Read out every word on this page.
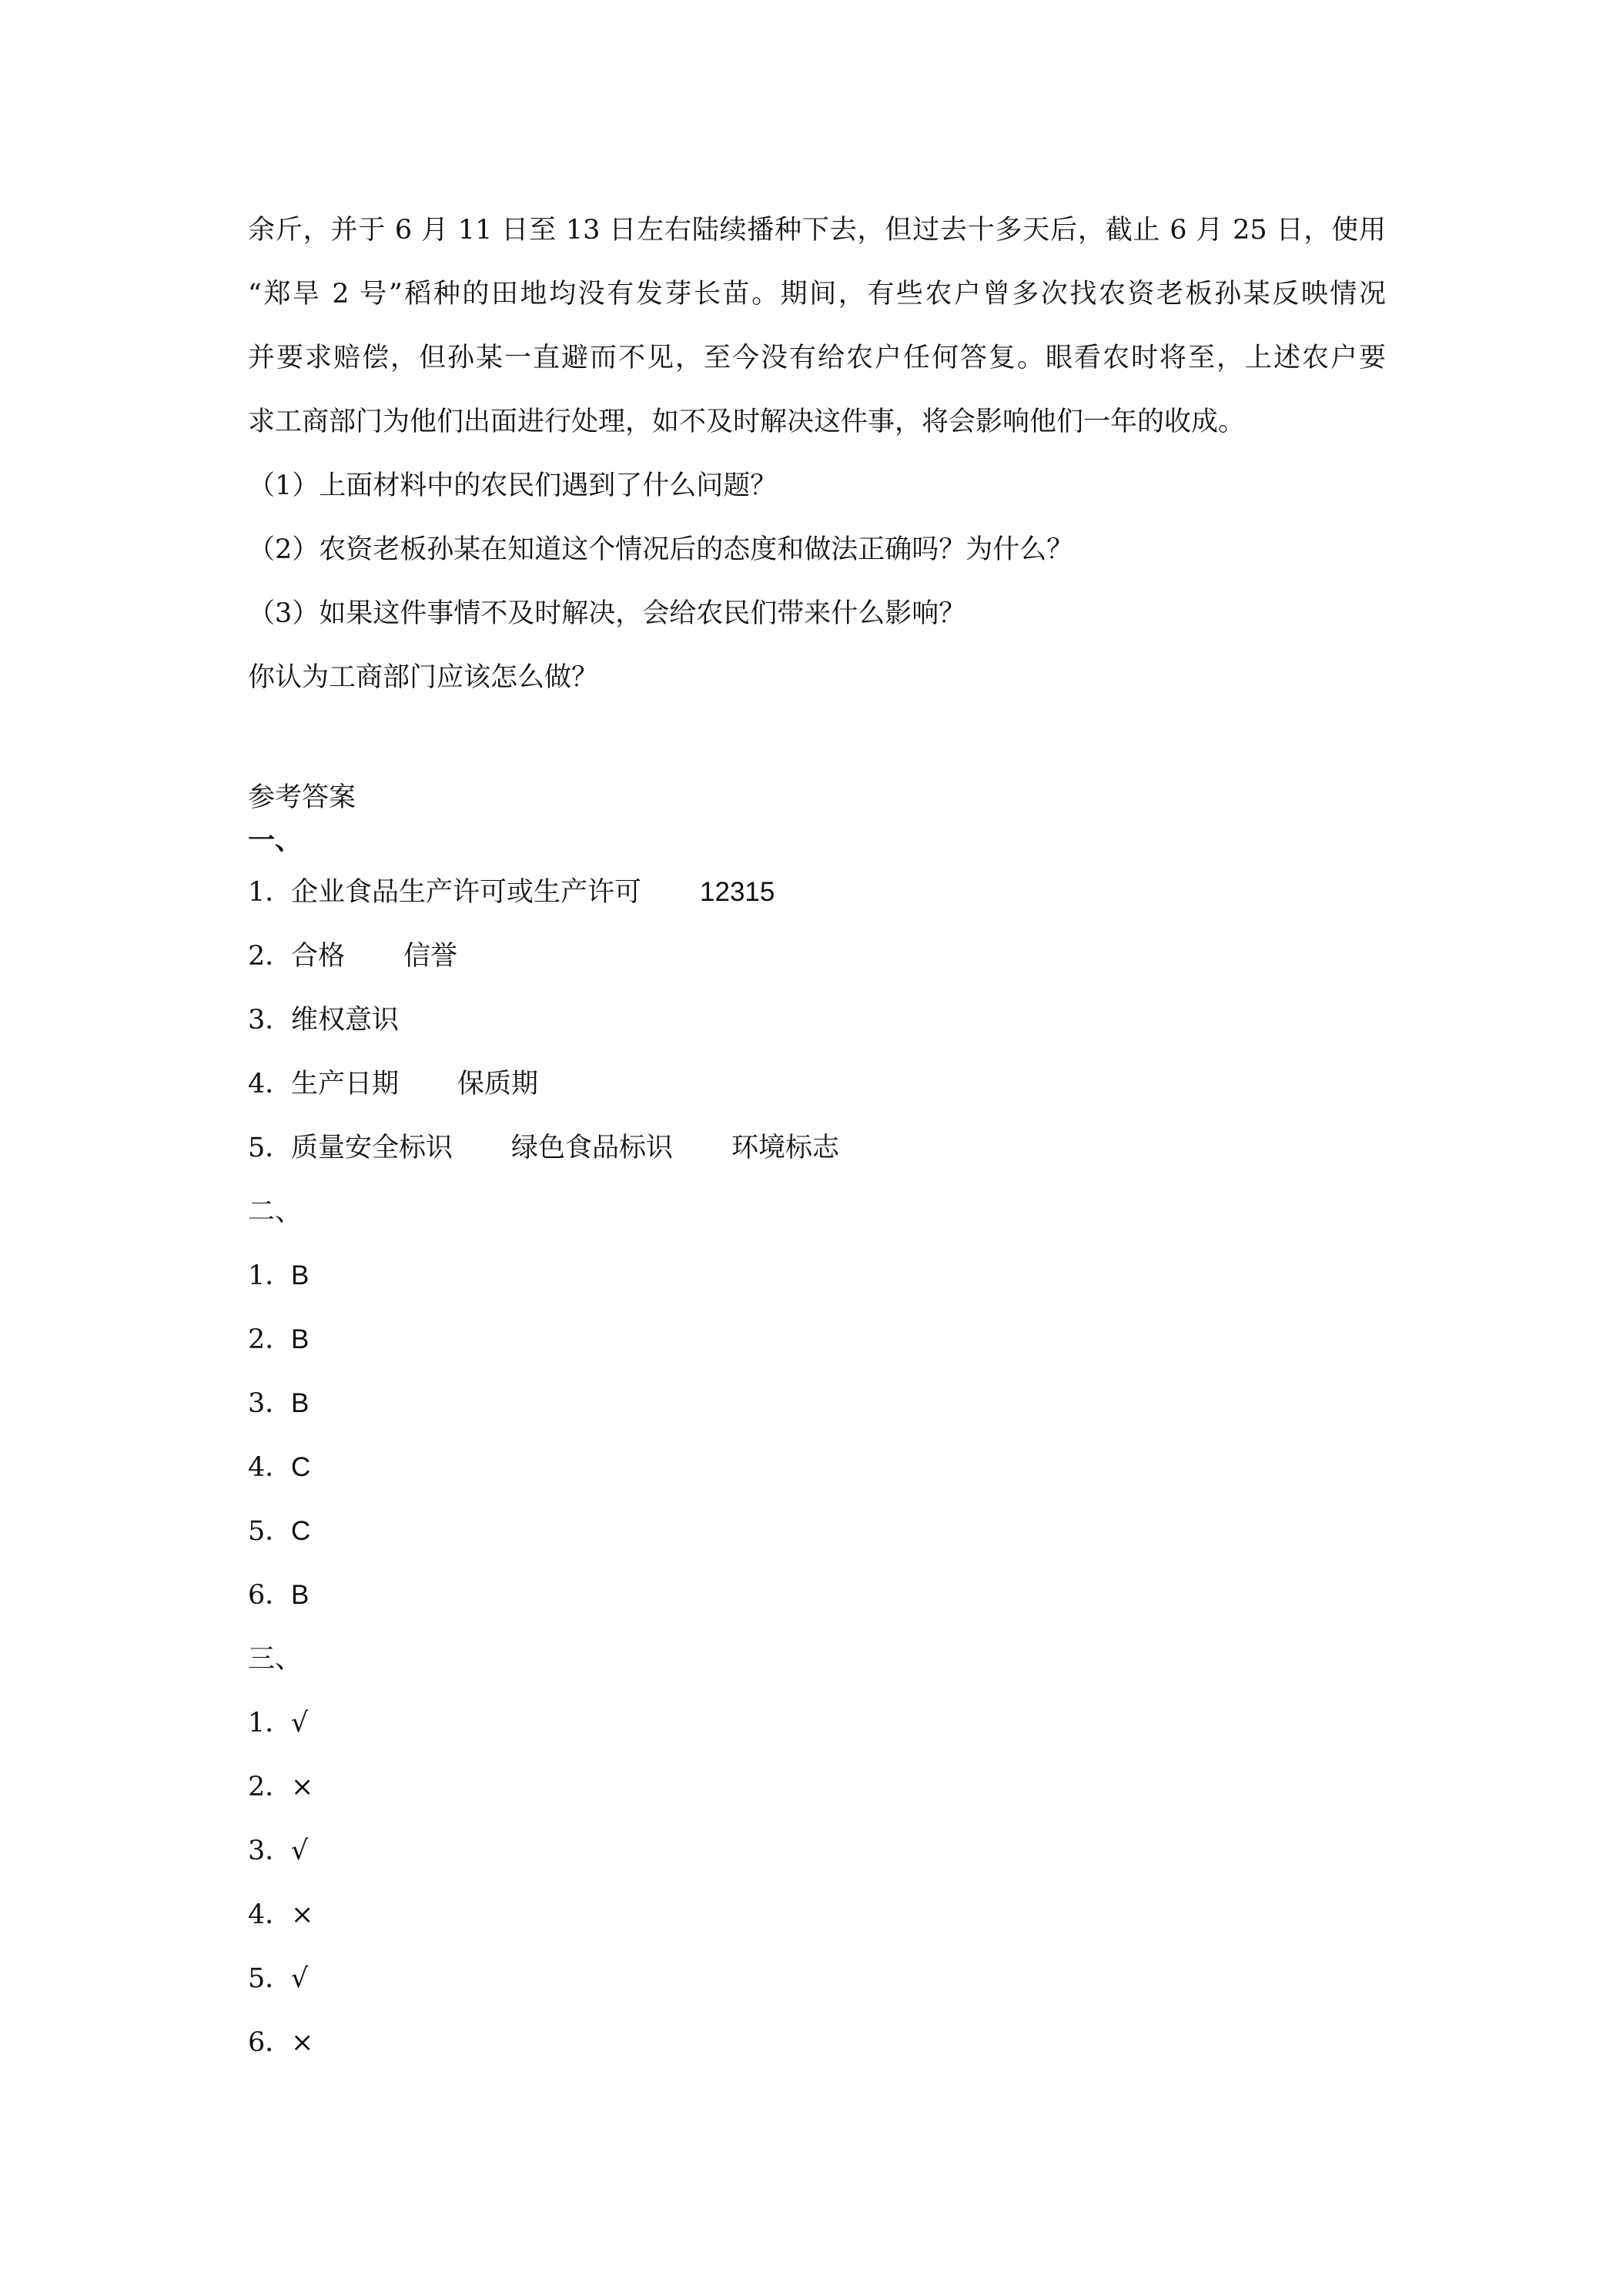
余斤，并于 6 月 11 日至 13 日左右陆续播种下去，但过去十多天后，截止 6 月 25 日，使用
“郑旱 2 号”稻种的田地均没有发芽长苗。期间，有些农户曾多次找农资老板孙某反映情况
并要求赔偿，但孙某一直避而不见，至今没有给农户任何答复。眼看农时将至，上述农户要
求工商部门为他们出面进行处理，如不及时解决这件事，将会影响他们一年的收成。
（1）上面材料中的农民们遇到了什么问题？
（2）农资老板孙某在知道这个情况后的态度和做法正确吗？为什么？
（3）如果这件事情不及时解决，会给农民们带来什么影响？
你认为工商部门应该怎么做？
参考答案
一、
1．企业食品生产许可或生产许可 12315
2．合格 信誉
3．维权意识
4．生产日期 保质期
5．质量安全标识 绿色食品标识 环境标志
二、
1．B
2．B
3．B
4．C
5．C
6．B
三、
1．√
2．×
3．√
4．×
5．√
6．×
